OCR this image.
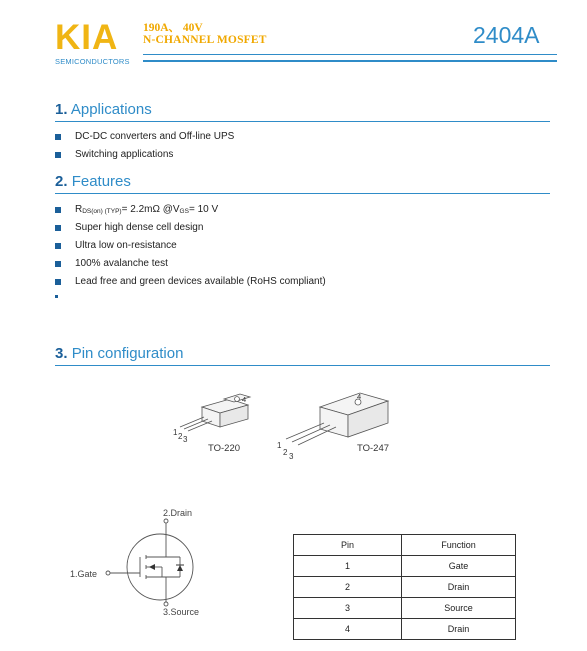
KIA
SEMICONDUCTORS
190A、 40V
N-CHANNEL MOSFET	2404A
1. Applications
DC-DC converters and Off-line UPS
Switching applications
2. Features
RDS(on) (TYP)= 2.2mΩ @VGS= 10 V
Super high dense cell design
Ultra low on-resistance
100% avalanche test
Lead free and green devices available (RoHS compliant)
3. Pin configuration
4
1 2 3
TO-220
4
1
2 3
TO-247
2.Drain
1.Gate
3.Source
Pin	Function
1	Gate
2	Drain
3	Source
4	Drain
